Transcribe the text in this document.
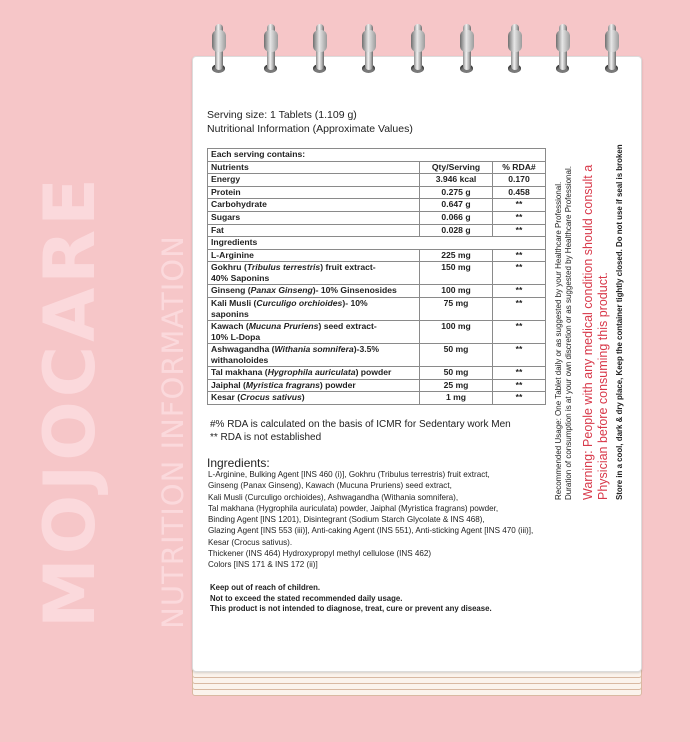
MOJOCARE NUTRITION INFORMATION
Serving size: 1 Tablets (1.109 g)
Nutritional Information (Approximate Values)
Each serving contains:		
Nutrients	Qty/Serving	% RDA#
Energy	3.946 kcal	0.170
Protein	0.275 g	0.458
Carbohydrate	0.647 g	**
Sugars	0.066 g	**
Fat	0.028 g	**
Ingredients		
L-Arginine	225 mg	**
Gokhru (Tribulus terrestris) fruit extract-
40% Saponins	150 mg	**
Ginseng (Panax Ginseng)- 10% Ginsenosides	100 mg	**
Kali Musli (Curculigo orchioides)- 10%
saponins	75 mg	**
Kawach (Mucuna Pruriens) seed extract-
10% L-Dopa	100 mg	**
Ashwagandha (Withania somnifera)-3.5%
withanoloides	50 mg	**
Tal makhana (Hygrophila auriculata) powder	50 mg	**
Jaiphal (Myristica fragrans) powder	25 mg	**
Kesar (Crocus sativus)	1 mg	**
#% RDA is calculated on the basis of ICMR for Sedentary work Men
** RDA is not established
Ingredients:
L-Arginine, Bulking Agent [INS 460 (i)], Gokhru (Tribulus terrestris) fruit extract,
Ginseng (Panax Ginseng), Kawach (Mucuna Pruriens) seed extract,
Kali Musli (Curculigo orchioides), Ashwagandha (Withania somnifera),
Tal makhana (Hygrophila auriculata) powder, Jaiphal (Myristica fragrans) powder,
Binding Agent [INS 1201), Disintegrant (Sodium Starch Glycolate & INS 468),
Glazing Agent [INS 553 (iii)], Anti-caking Agent (INS 551), Anti-sticking Agent [INS 470 (iii)],
Kesar (Crocus sativus).
Thickener (INS 464) Hydroxypropyl methyl cellulose (INS 462)
Colors [INS 171 & INS 172 (ii)]
Keep out of reach of children.
Not to exceed the stated recommended daily usage.
This product is not intended to diagnose, treat, cure or prevent any disease.
Recommended Usage: One Tablet daily or as suggested by your Healthcare Professional. Duration of consumption is at your own discretion or as suggested by Healthcare Professional. Warning: People with any medical condition should consult a Physician before consuming this product. Store in a cool, dark & dry place, Keep the container tightly closed. Do not use if seal is broken
